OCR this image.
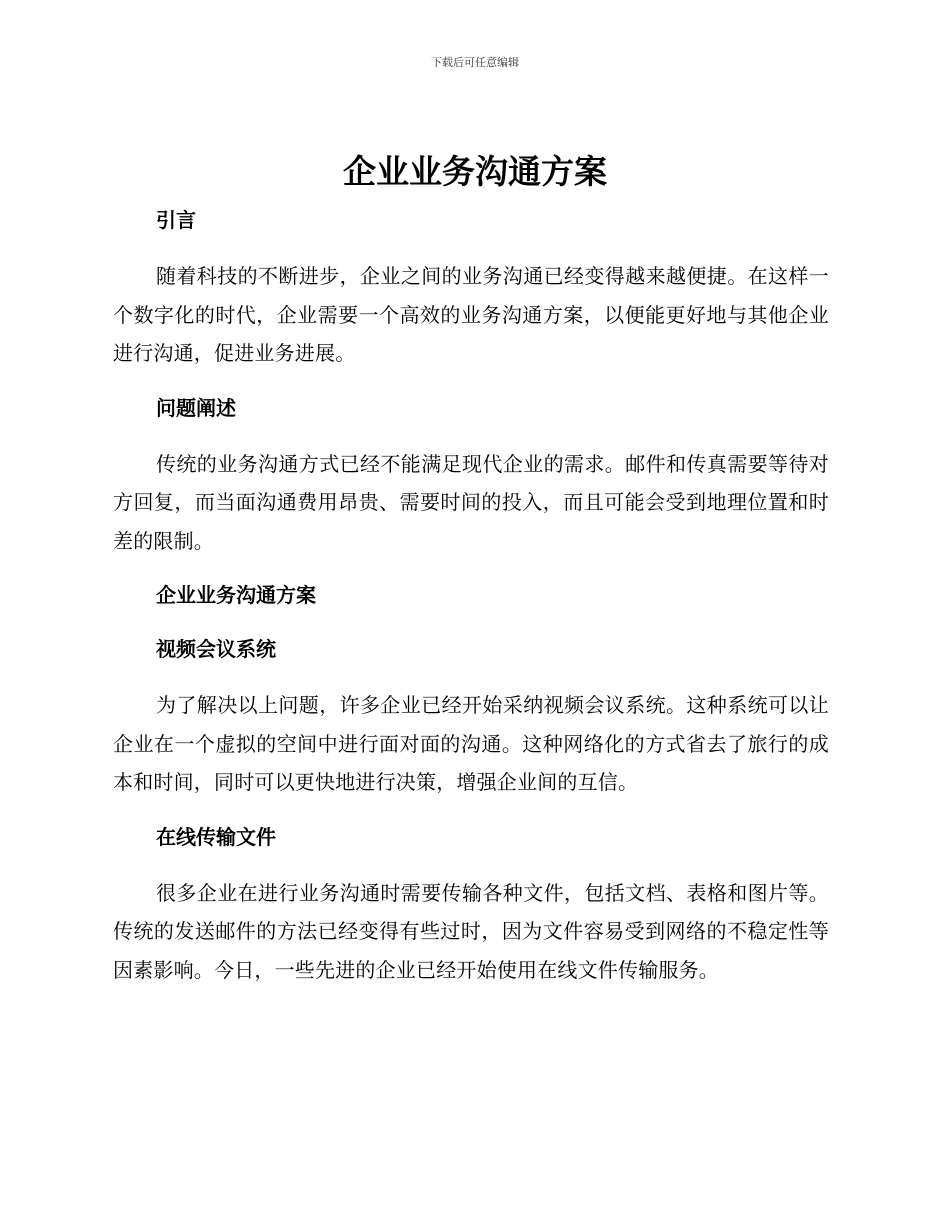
下载后可任意编辑
企业业务沟通方案
引言

随着科技的不断进步，企业之间的业务沟通已经变得越来越便捷。在这样一个数字化的时代，企业需要一个高效的业务沟通方案，以便能更好地与其他企业进行沟通，促进业务进展。

问题阐述

传统的业务沟通方式已经不能满足现代企业的需求。邮件和传真需要等待对方回复，而当面沟通费用昂贵、需要时间的投入，而且可能会受到地理位置和时差的限制。

企业业务沟通方案
视频会议系统

为了解决以上问题，许多企业已经开始采纳视频会议系统。这种系统可以让企业在一个虚拟的空间中进行面对面的沟通。这种网络化的方式省去了旅行的成本和时间，同时可以更快地进行决策，增强企业间的互信。

在线传输文件

很多企业在进行业务沟通时需要传输各种文件，包括文档、表格和图片等。传统的发送邮件的方法已经变得有些过时，因为文件容易受到网络的不稳定性等因素影响。今日，一些先进的企业已经开始使用在线文件传输服务。
